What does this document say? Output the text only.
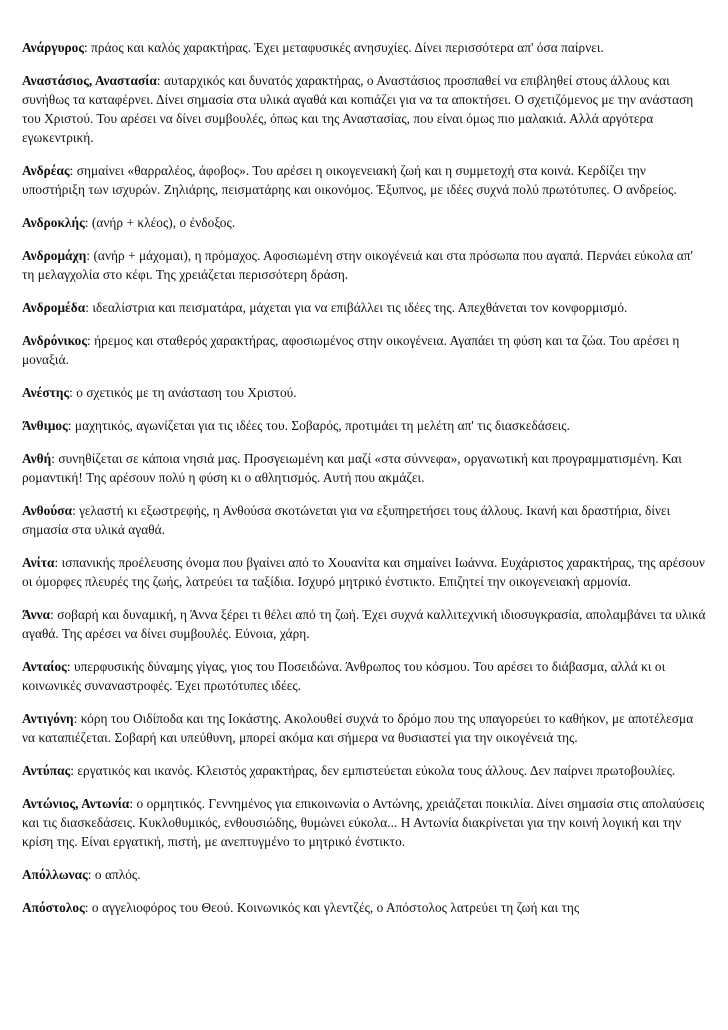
Ανάργυρος: πράος και καλός χαρακτήρας. Έχει μεταφυσικές ανησυχίες. Δίνει περισσότερα απ' όσα παίρνει.

Αναστάσιος, Αναστασία: αυταρχικός και δυνατός χαρακτήρας, ο Αναστάσιος προσπαθεί να επιβληθεί στους άλλους και συνήθως τα καταφέρνει. Δίνει σημασία στα υλικά αγαθά και κοπιάζει για να τα αποκτήσει. Ο σχετιζόμενος με την ανάσταση του Χριστού. Του αρέσει να δίνει συμβουλές, όπως και της Αναστασίας, που είναι όμως πιο μαλακιά. Αλλά αργότερα εγωκεντρική.

Ανδρέας: σημαίνει «θαρραλέος, άφοβος». Του αρέσει η οικογενειακή ζωή και η συμμετοχή στα κοινά. Κερδίζει την υποστήριξη των ισχυρών. Ζηλιάρης, πεισματάρης και οικονόμος. Έξυπνος, με ιδέες συχνά πολύ πρωτότυπες. Ο ανδρείος.

Ανδροκλής: (ανήρ + κλέος), ο ένδοξος.

Ανδρομάχη: (ανήρ + μάχομαι), η πρόμαχος. Αφοσιωμένη στην οικογένειά και στα πρόσωπα που αγαπά. Περνάει εύκολα απ' τη μελαγχολία στο κέφι. Της χρειάζεται περισσότερη δράση.

Ανδρομέδα: ιδεαλίστρια και πεισματάρα, μάχεται για να επιβάλλει τις ιδέες της. Απεχθάνεται τον κονφορμισμό.

Ανδρόνικος: ήρεμος και σταθερός χαρακτήρας, αφοσιωμένος στην οικογένεια. Αγαπάει τη φύση και τα ζώα. Του αρέσει η μοναξιά.

Ανέστης: ο σχετικός με τη ανάσταση του Χριστού.

Άνθιμος: μαχητικός, αγωνίζεται για τις ιδέες του. Σοβαρός, προτιμάει τη μελέτη απ' τις διασκεδάσεις.

Ανθή: συνηθίζεται σε κάποια νησιά μας. Προσγειωμένη και μαζί «στα σύννεφα», οργανωτική και προγραμματισμένη. Και ρομαντική! Της αρέσουν πολύ η φύση κι ο αθλητισμός. Αυτή που ακμάζει.

Ανθούσα: γελαστή κι εξωστρεφής, η Ανθούσα σκοτώνεται για να εξυπηρετήσει τους άλλους. Ικανή και δραστήρια, δίνει σημασία στα υλικά αγαθά.

Ανίτα: ισπανικής προέλευσης όνομα που βγαίνει από το Χουανίτα και σημαίνει Ιωάννα. Ευχάριστος χαρακτήρας, της αρέσουν οι όμορφες πλευρές της ζωής, λατρεύει τα ταξίδια. Ισχυρό μητρικό ένστικτο. Επιζητεί την οικογενειακή αρμονία.

Άννα: σοβαρή και δυναμική, η Άννα ξέρει τι θέλει από τη ζωή. Έχει συχνά καλλιτεχνική ιδιοσυγκρασία, απολαμβάνει τα υλικά αγαθά. Της αρέσει να δίνει συμβουλές. Εύνοια, χάρη.

Ανταίος: υπερφυσικής δύναμης γίγας, γιος του Ποσειδώνα. Άνθρωπος του κόσμου. Του αρέσει το διάβασμα, αλλά κι οι κοινωνικές συναναστροφές. Έχει πρωτότυπες ιδέες.

Αντιγόνη: κόρη του Οιδίποδα και της Ιοκάστης. Ακολουθεί συχνά το δρόμο που της υπαγορεύει το καθήκον, με αποτέλεσμα να καταπιέζεται. Σοβαρή και υπεύθυνη, μπορεί ακόμα και σήμερα να θυσιαστεί για την οικογένειά της.

Αντύπας: εργατικός και ικανός. Κλειστός χαρακτήρας, δεν εμπιστεύεται εύκολα τους άλλους. Δεν παίρνει πρωτοβουλίες.

Αντώνιος, Αντωνία: ο ορμητικός. Γεννημένος για επικοινωνία ο Αντώνης, χρειάζεται ποικιλία. Δίνει σημασία στις απολαύσεις και τις διασκεδάσεις. Κυκλοθυμικός, ενθουσιώδης, θυμώνει εύκολα... Η Αντωνία διακρίνεται για την κοινή λογική και την κρίση της. Είναι εργατική, πιστή, με ανεπτυγμένο το μητρικό ένστικτο.

Απόλλωνας: ο απλός.

Απόστολος: ο αγγελιοφόρος του Θεού. Κοινωνικός και γλεντζές, ο Απόστολος λατρεύει τη ζωή και της
